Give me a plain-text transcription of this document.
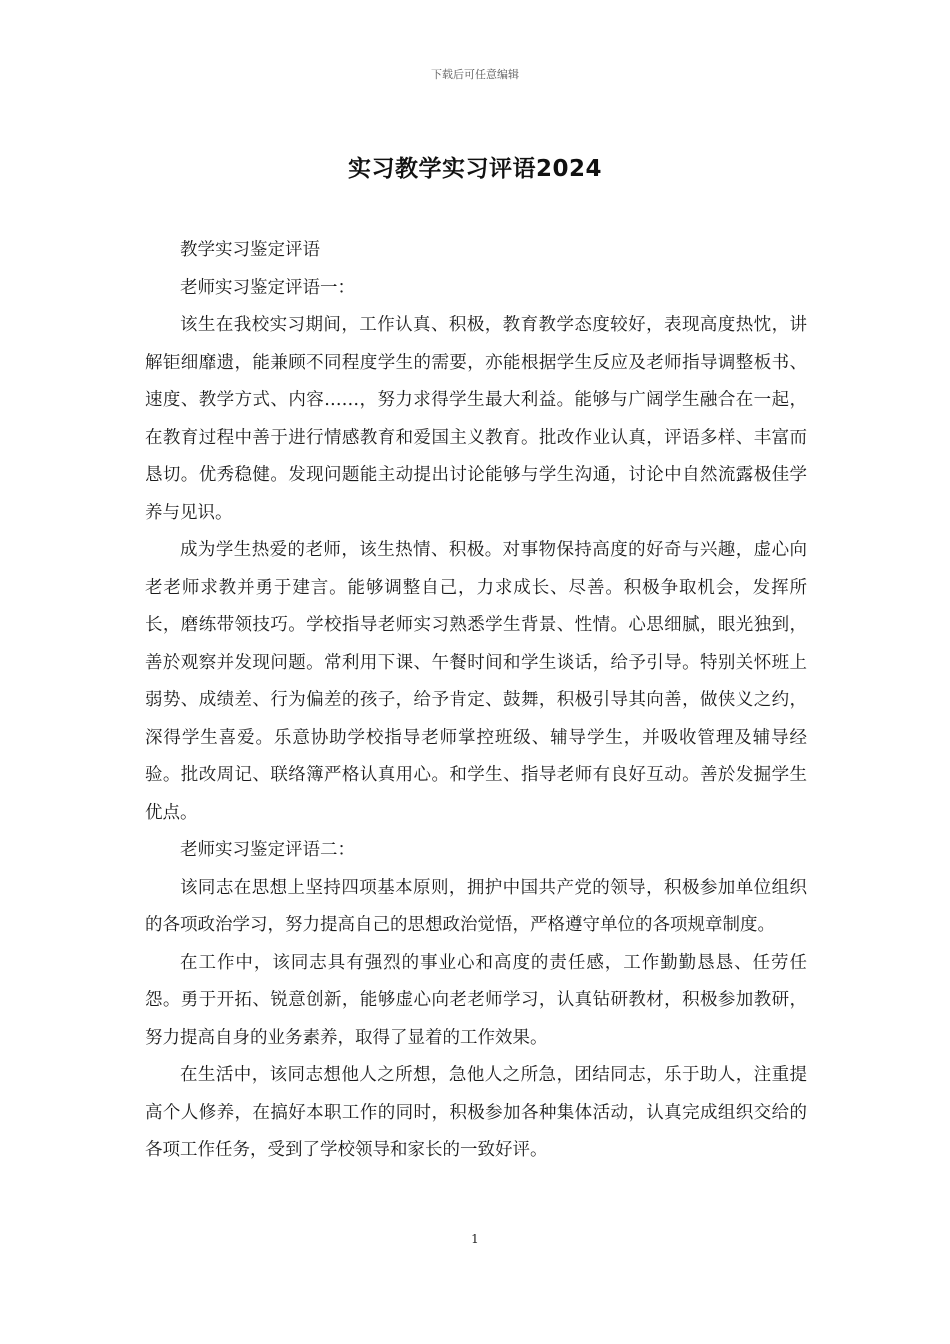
下载后可任意编辑
实习教学实习评语2024

教学实习鉴定评语

老师实习鉴定评语一：

该生在我校实习期间，工作认真、积极，教育教学态度较好，表现高度热忱，讲解钜细靡遗，能兼顾不同程度学生的需要，亦能根据学生反应及老师指导调整板书、速度、教学方式、内容……，努力求得学生最大利益。能够与广阔学生融合在一起，在教育过程中善于进行情感教育和爱国主义教育。批改作业认真，评语多样、丰富而恳切。优秀稳健。发现问题能主动提出讨论能够与学生沟通，讨论中自然流露极佳学养与见识。

成为学生热爱的老师，该生热情、积极。对事物保持高度的好奇与兴趣，虚心向老老师求教并勇于建言。能够调整自己，力求成长、尽善。积极争取机会，发挥所长，磨练带领技巧。学校指导老师实习熟悉学生背景、性情。心思细腻，眼光独到，善於观察并发现问题。常利用下课、午餐时间和学生谈话，给予引导。特别关怀班上弱势、成绩差、行为偏差的孩子，给予肯定、鼓舞，积极引导其向善，做侠义之约，深得学生喜爱。乐意协助学校指导老师掌控班级、辅导学生，并吸收管理及辅导经验。批改周记、联络簿严格认真用心。和学生、指导老师有良好互动。善於发掘学生优点。

老师实习鉴定评语二：

该同志在思想上坚持四项基本原则，拥护中国共产党的领导，积极参加单位组织的各项政治学习，努力提高自己的思想政治觉悟，严格遵守单位的各项规章制度。

在工作中，该同志具有强烈的事业心和高度的责任感，工作勤勤恳恳、任劳任怨。勇于开拓、锐意创新，能够虚心向老老师学习，认真钻研教材，积极参加教研，努力提高自身的业务素养，取得了显着的工作效果。

在生活中，该同志想他人之所想，急他人之所急，团结同志，乐于助人，注重提高个人修养，在搞好本职工作的同时，积极参加各种集体活动，认真完成组织交给的各项工作任务，受到了学校领导和家长的一致好评。

1
